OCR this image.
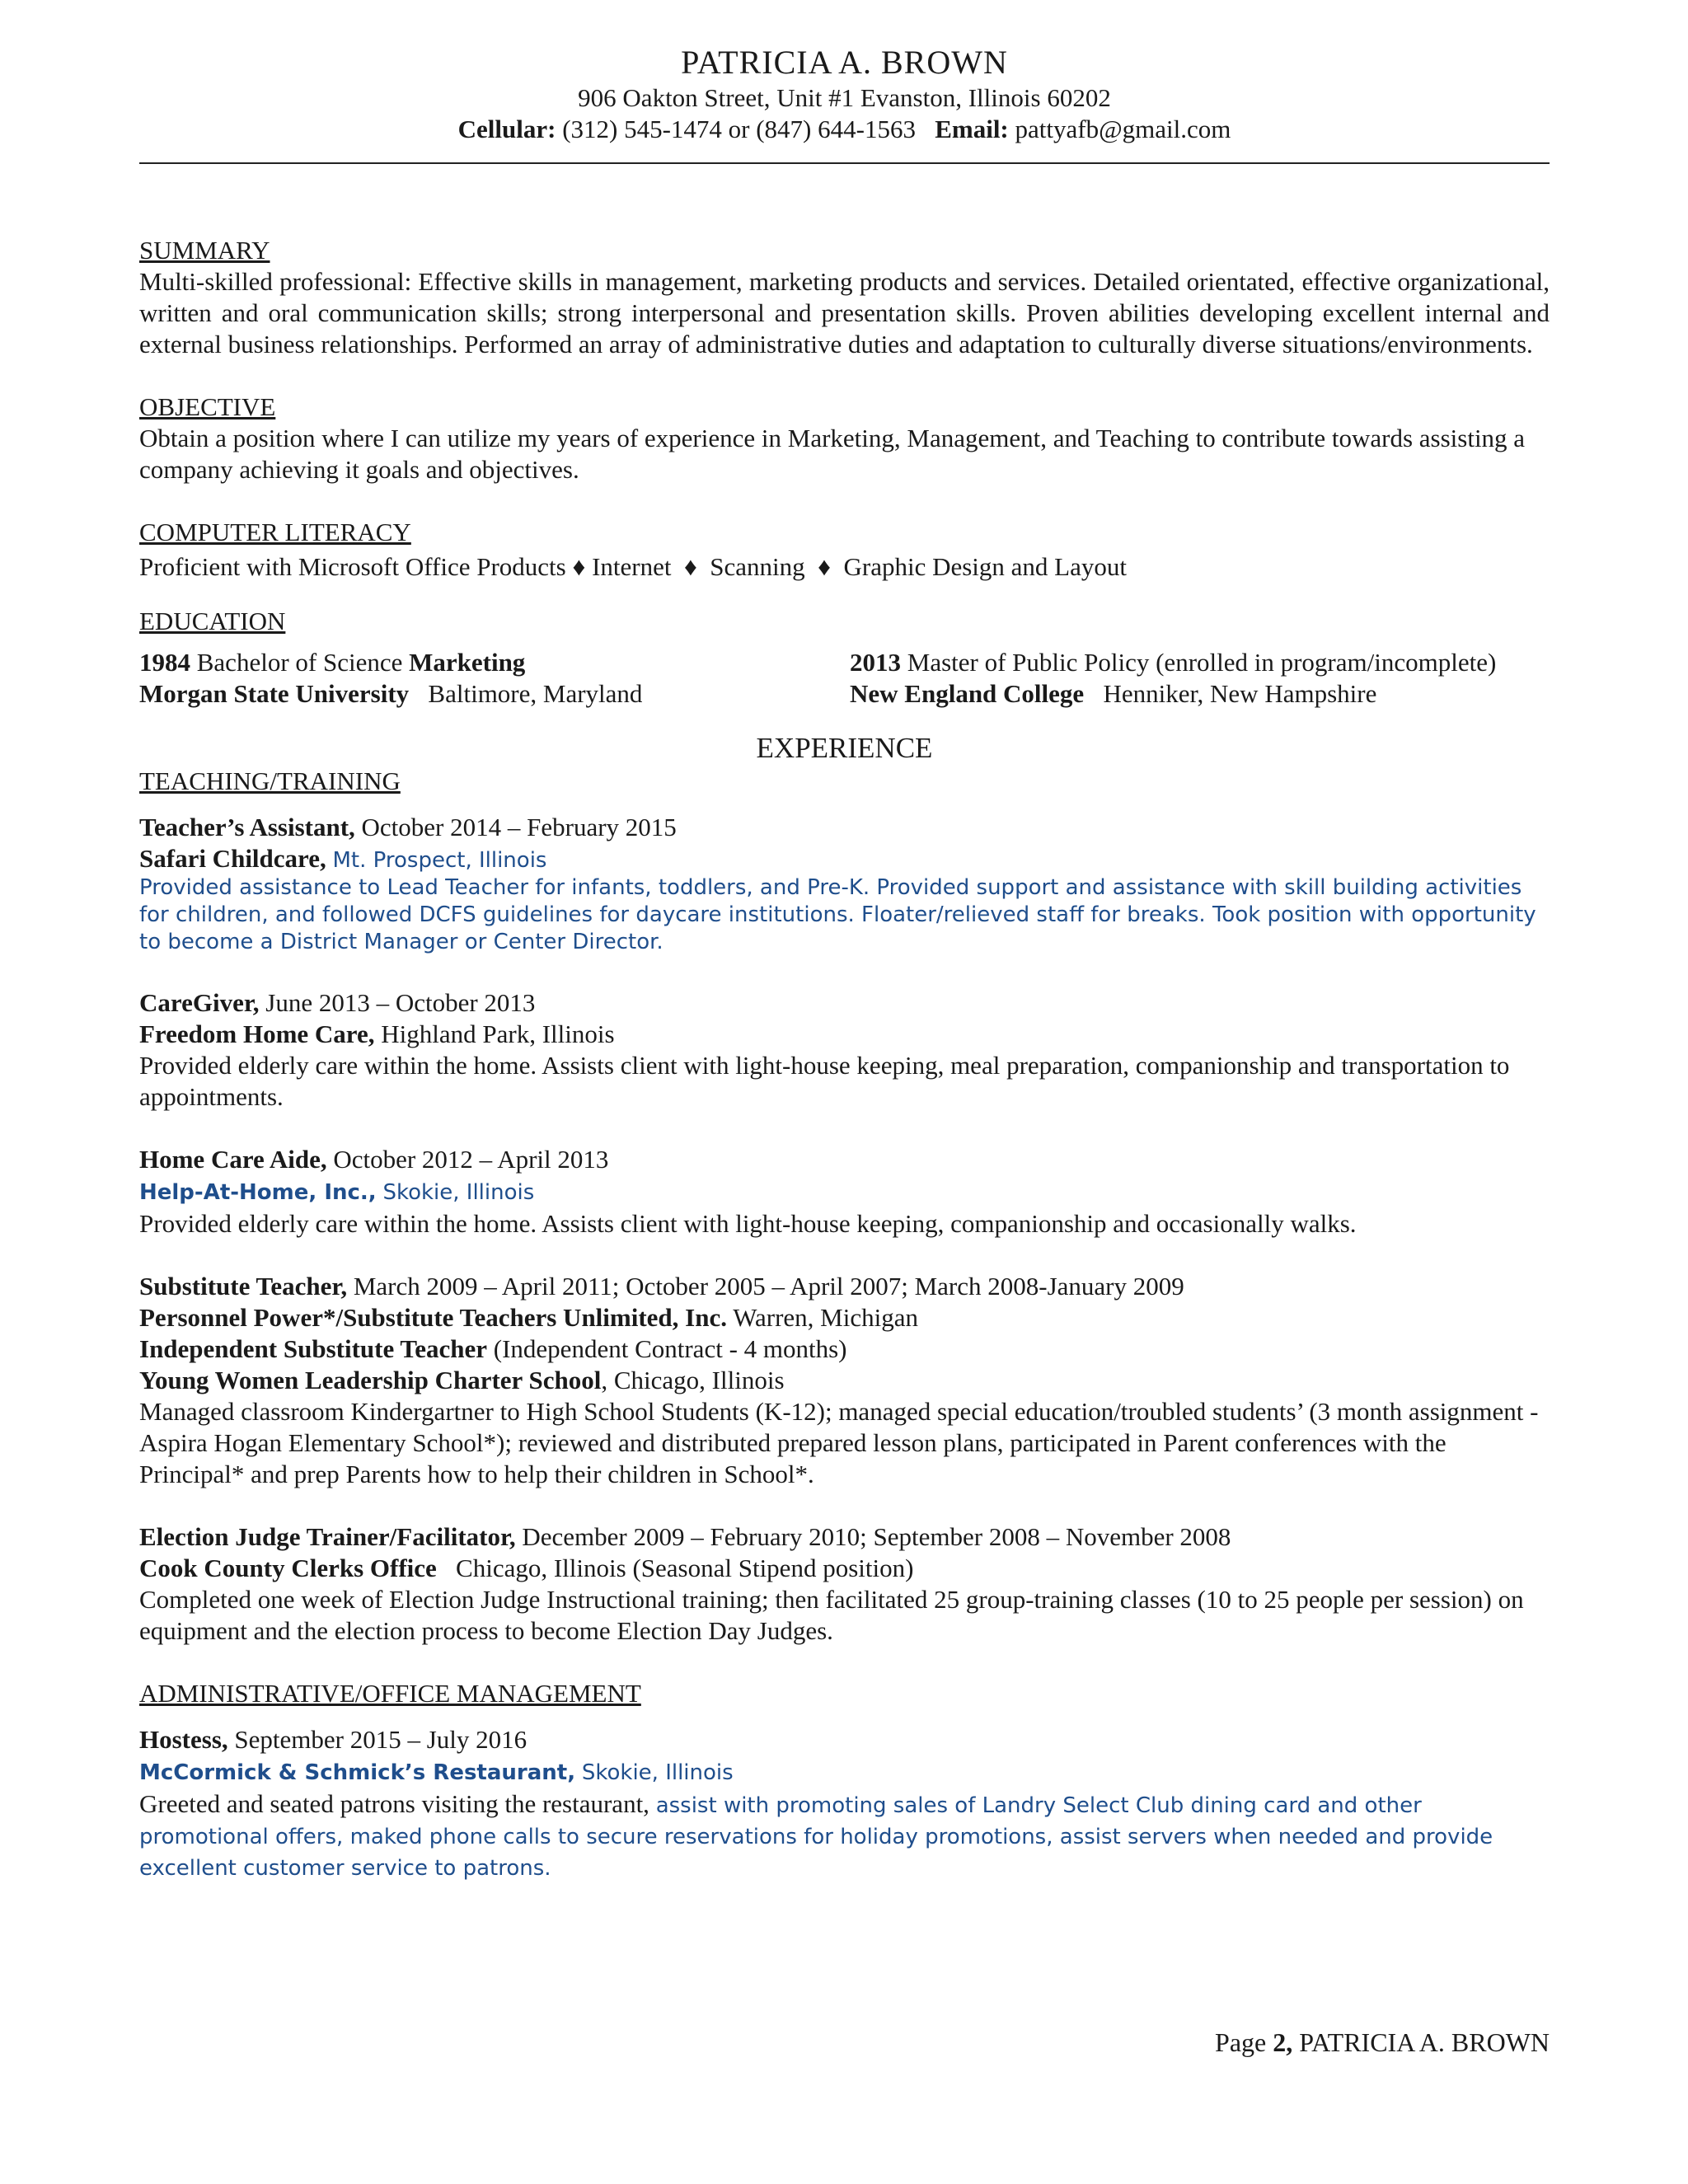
PATRICIA A. BROWN
906 Oakton Street, Unit #1 Evanston, Illinois 60202
Cellular: (312) 545-1474 or (847) 644-1563 Email: pattyafb@gmail.com
SUMMARY
Multi-skilled professional: Effective skills in management, marketing products and services. Detailed orientated, effective organizational, written and oral communication skills; strong interpersonal and presentation skills. Proven abilities developing excellent internal and external business relationships. Performed an array of administrative duties and adaptation to culturally diverse situations/environments.
OBJECTIVE
Obtain a position where I can utilize my years of experience in Marketing, Management, and Teaching to contribute towards assisting a company achieving it goals and objectives.
COMPUTER LITERACY
Proficient with Microsoft Office Products ♦ Internet ♦ Scanning ♦ Graphic Design and Layout
EDUCATION
1984 Bachelor of Science Marketing
Morgan State University Baltimore, Maryland
2013 Master of Public Policy (enrolled in program/incomplete)
New England College Henniker, New Hampshire
EXPERIENCE
TEACHING/TRAINING
Teacher’s Assistant, October 2014 – February 2015
Safari Childcare, Mt. Prospect, Illinois
Provided assistance to Lead Teacher for infants, toddlers, and Pre-K. Provided support and assistance with skill building activities for children, and followed DCFS guidelines for daycare institutions. Floater/relieved staff for breaks. Took position with opportunity to become a District Manager or Center Director.
CareGiver, June 2013 – October 2013
Freedom Home Care, Highland Park, Illinois
Provided elderly care within the home. Assists client with light-house keeping, meal preparation, companionship and transportation to appointments.
Home Care Aide, October 2012 – April 2013
Help-At-Home, Inc., Skokie, Illinois
Provided elderly care within the home. Assists client with light-house keeping, companionship and occasionally walks.
Substitute Teacher, March 2009 – April 2011; October 2005 – April 2007; March 2008-January 2009
Personnel Power*/Substitute Teachers Unlimited, Inc. Warren, Michigan
Independent Substitute Teacher (Independent Contract - 4 months)
Young Women Leadership Charter School, Chicago, Illinois
Managed classroom Kindergartner to High School Students (K-12); managed special education/troubled students’ (3 month assignment - Aspira Hogan Elementary School*); reviewed and distributed prepared lesson plans, participated in Parent conferences with the Principal* and prep Parents how to help their children in School*.
Election Judge Trainer/Facilitator, December 2009 – February 2010; September 2008 – November 2008
Cook County Clerks Office Chicago, Illinois (Seasonal Stipend position)
Completed one week of Election Judge Instructional training; then facilitated 25 group-training classes (10 to 25 people per session) on equipment and the election process to become Election Day Judges.
ADMINISTRATIVE/OFFICE MANAGEMENT
Hostess, September 2015 – July 2016
McCormick & Schmick’s Restaurant, Skokie, Illinois
Greeted and seated patrons visiting the restaurant, assist with promoting sales of Landry Select Club dining card and other promotional offers, maked phone calls to secure reservations for holiday promotions, assist servers when needed and provide excellent customer service to patrons.
Page 2, PATRICIA A. BROWN
